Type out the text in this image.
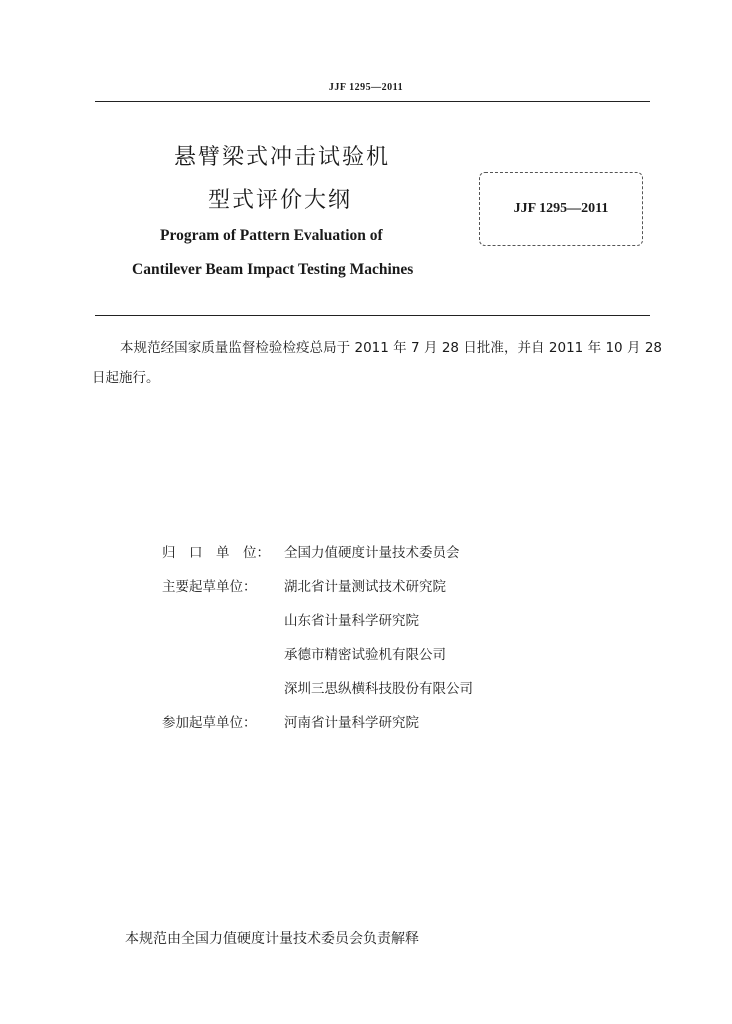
JJF 1295—2011
悬臂梁式冲击试验机
型式评价大纲
Program of Pattern Evaluation of
Cantilever Beam Impact Testing Machines
JJF 1295—2011
本规范经国家质量监督检验检疫总局于 2011 年 7 月 28 日批准，并自 2011 年 10 月 28 日起施行。
归　口　单　位： 全国力值硬度计量技术委员会
主要起草单位： 湖北省计量测试技术研究院
山东省计量科学研究院
承德市精密试验机有限公司
深圳三思纵横科技股份有限公司
参加起草单位： 河南省计量科学研究院
本规范由全国力值硬度计量技术委员会负责解释
